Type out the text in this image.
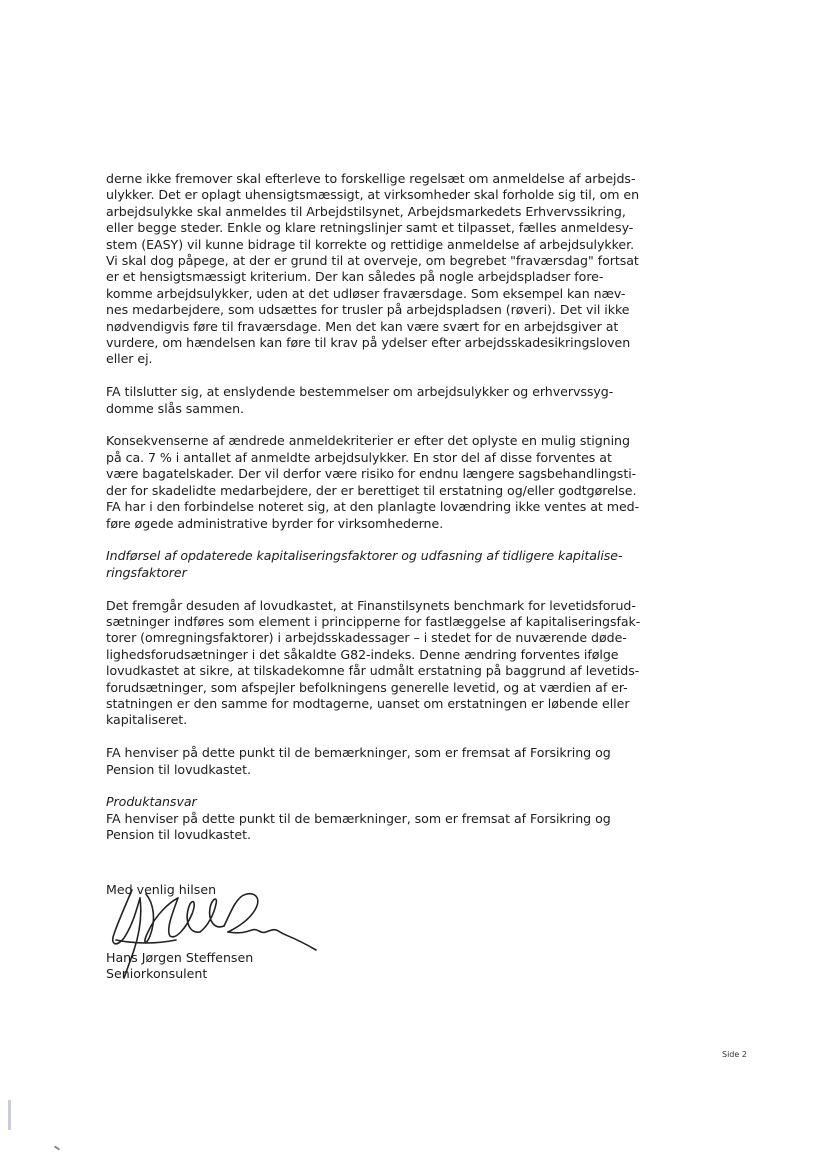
derne ikke fremover skal efterleve to forskellige regelsæt om anmeldelse af arbejds-
ulykker. Det er oplagt uhensigtsmæssigt, at virksomheder skal forholde sig til, om en
arbejdsulykke skal anmeldes til Arbejdstilsynet, Arbejdsmarkedets Erhvervssikring,
eller begge steder. Enkle og klare retningslinjer samt et tilpasset, fælles anmeldesy-
stem (EASY) vil kunne bidrage til korrekte og rettidige anmeldelse af arbejdsulykker.
Vi skal dog påpege, at der er grund til at overveje, om begrebet "fraværsdag" fortsat
er et hensigtsmæssigt kriterium. Der kan således på nogle arbejdspladser fore-
komme arbejdsulykker, uden at det udløser fraværsdage. Som eksempel kan næv-
nes medarbejdere, som udsættes for trusler på arbejdspladsen (røveri). Det vil ikke
nødvendigvis føre til fraværsdage. Men det kan være svært for en arbejdsgiver at
vurdere, om hændelsen kan føre til krav på ydelser efter arbejdsskadesikringsloven
eller ej.
FA tilslutter sig, at enslydende bestemmelser om arbejdsulykker og erhvervssyg-
domme slås sammen.
Konsekvenserne af ændrede anmeldekriterier er efter det oplyste en mulig stigning
på ca. 7 % i antallet af anmeldte arbejdsulykker. En stor del af disse forventes at
være bagatelskader. Der vil derfor være risiko for endnu længere sagsbehandlingsti-
der for skadelidte medarbejdere, der er berettiget til erstatning og/eller godtgørelse.
FA har i den forbindelse noteret sig, at den planlagte lovændring ikke ventes at med-
føre øgede administrative byrder for virksomhederne.
Indførsel af opdaterede kapitaliseringsfaktorer og udfasning af tidligere kapitalise-
ringsfaktorer
Det fremgår desuden af lovudkastet, at Finanstilsynets benchmark for levetidsforud-
sætninger indføres som element i principperne for fastlæggelse af kapitaliseringsfak-
torer (omregningsfaktorer) i arbejdsskadessager – i stedet for de nuværende døde-
lighedsforudsætninger i det såkaldte G82-indeks. Denne ændring forventes ifølge
lovudkastet at sikre, at tilskadekomne får udmålt erstatning på baggrund af levetids-
forudsætninger, som afspejler befolkningens generelle levetid, og at værdien af er-
statningen er den samme for modtagerne, uanset om erstatningen er løbende eller
kapitaliseret.
FA henviser på dette punkt til de bemærkninger, som er fremsat af Forsikring og
Pension til lovudkastet.
Produktansvar
FA henviser på dette punkt til de bemærkninger, som er fremsat af Forsikring og
Pension til lovudkastet.
Med venlig hilsen
Hans Jørgen Steffensen
Seniorkonsulent
Side 2
